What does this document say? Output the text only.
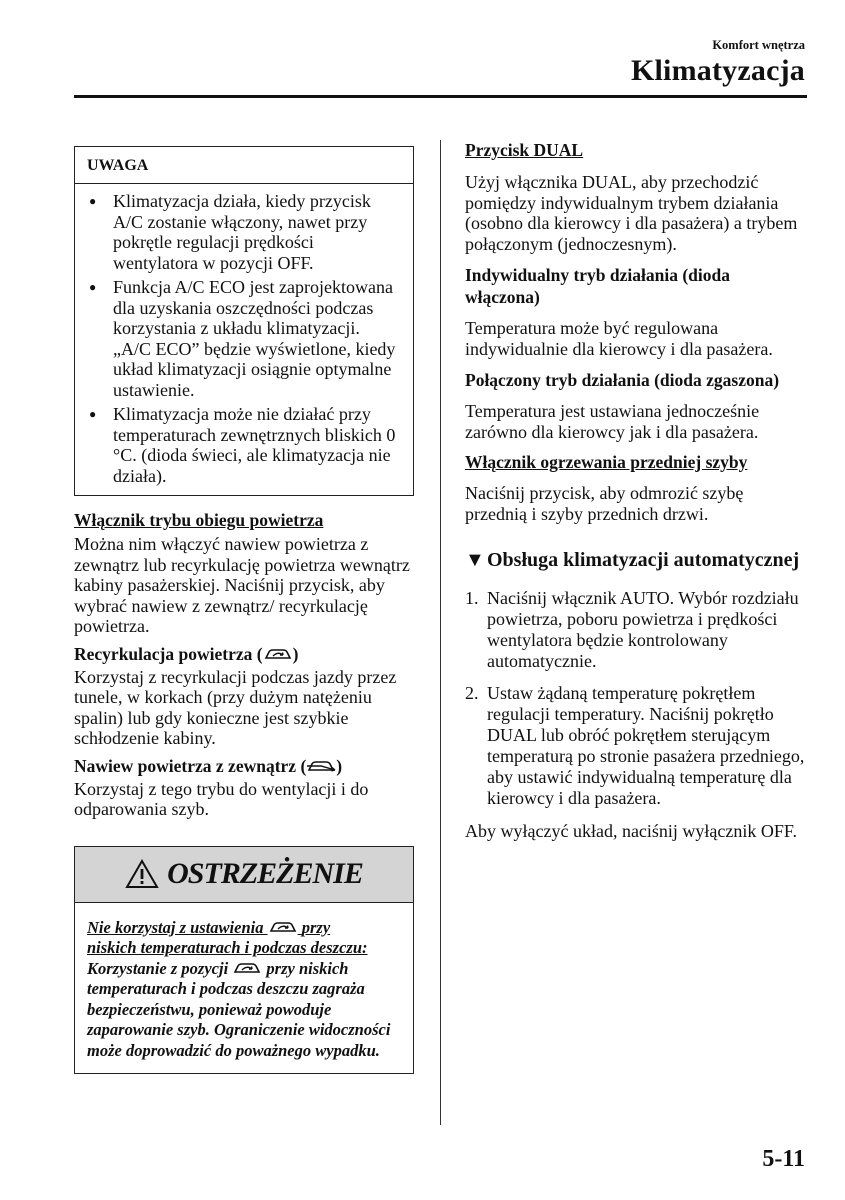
Komfort wnętrza
Klimatyzacja
UWAGA
● Klimatyzacja działa, kiedy przycisk A/C zostanie włączony, nawet przy pokrętle regulacji prędkości wentylatora w pozycji OFF.
● Funkcja A/C ECO jest zaprojektowana dla uzyskania oszczędności podczas korzystania z układu klimatyzacji. „A/C ECO” będzie wyświetlone, kiedy układ klimatyzacji osiągnie optymalne ustawienie.
● Klimatyzacja może nie działać przy temperaturach zewnętrznych bliskich 0 °C. (dioda świeci, ale klimatyzacja nie działa).

Włącznik trybu obiegu powietrza

Można nim włączyć nawiew powietrza z zewnątrz lub recyrkulację powietrza wewnątrz kabiny pasażerskiej. Naciśnij przycisk, aby wybrać nawiew z zewnątrz/ recyrkulację powietrza.

Recyrkulacja powietrza ( )

Korzystaj z recyrkulacji podczas jazdy przez tunele, w korkach (przy dużym natężeniu spalin) lub gdy konieczne jest szybkie schłodzenie kabiny.

Nawiew powietrza z zewnątrz ( )

Korzystaj z tego trybu do wentylacji i do odparowania szyb.

OSTRZEŻENIE
Nie korzystaj z ustawienia przy
niskich temperaturach i podczas deszczu:
Korzystanie z pozycji przy niskich temperaturach i podczas deszczu zagraża bezpieczeństwu, ponieważ powoduje zaparowanie szyb. Ograniczenie widoczności może doprowadzić do poważnego wypadku.

Przycisk DUAL

Użyj włącznika DUAL, aby przechodzić pomiędzy indywidualnym trybem działania (osobno dla kierowcy i dla pasażera) a trybem połączonym (jednoczesnym).

Indywidualny tryb działania (dioda włączona)

Temperatura może być regulowana indywidualnie dla kierowcy i dla pasażera.

Połączony tryb działania (dioda zgaszona)

Temperatura jest ustawiana jednocześnie zarówno dla kierowcy jak i dla pasażera.

Włącznik ogrzewania przedniej szyby

Naciśnij przycisk, aby odmrozić szybę przednią i szyby przednich drzwi.

▼ Obsługa klimatyzacji automatycznej
1. Naciśnij włącznik AUTO. Wybór rozdziału powietrza, poboru powietrza i prędkości wentylatora będzie kontrolowany automatycznie.
2. Ustaw żądaną temperaturę pokrętłem regulacji temperatury. Naciśnij pokrętło DUAL lub obróć pokrętłem sterującym temperaturą po stronie pasażera przedniego, aby ustawić indywidualną temperaturę dla kierowcy i dla pasażera.

Aby wyłączyć układ, naciśnij wyłącznik OFF.

5-11
